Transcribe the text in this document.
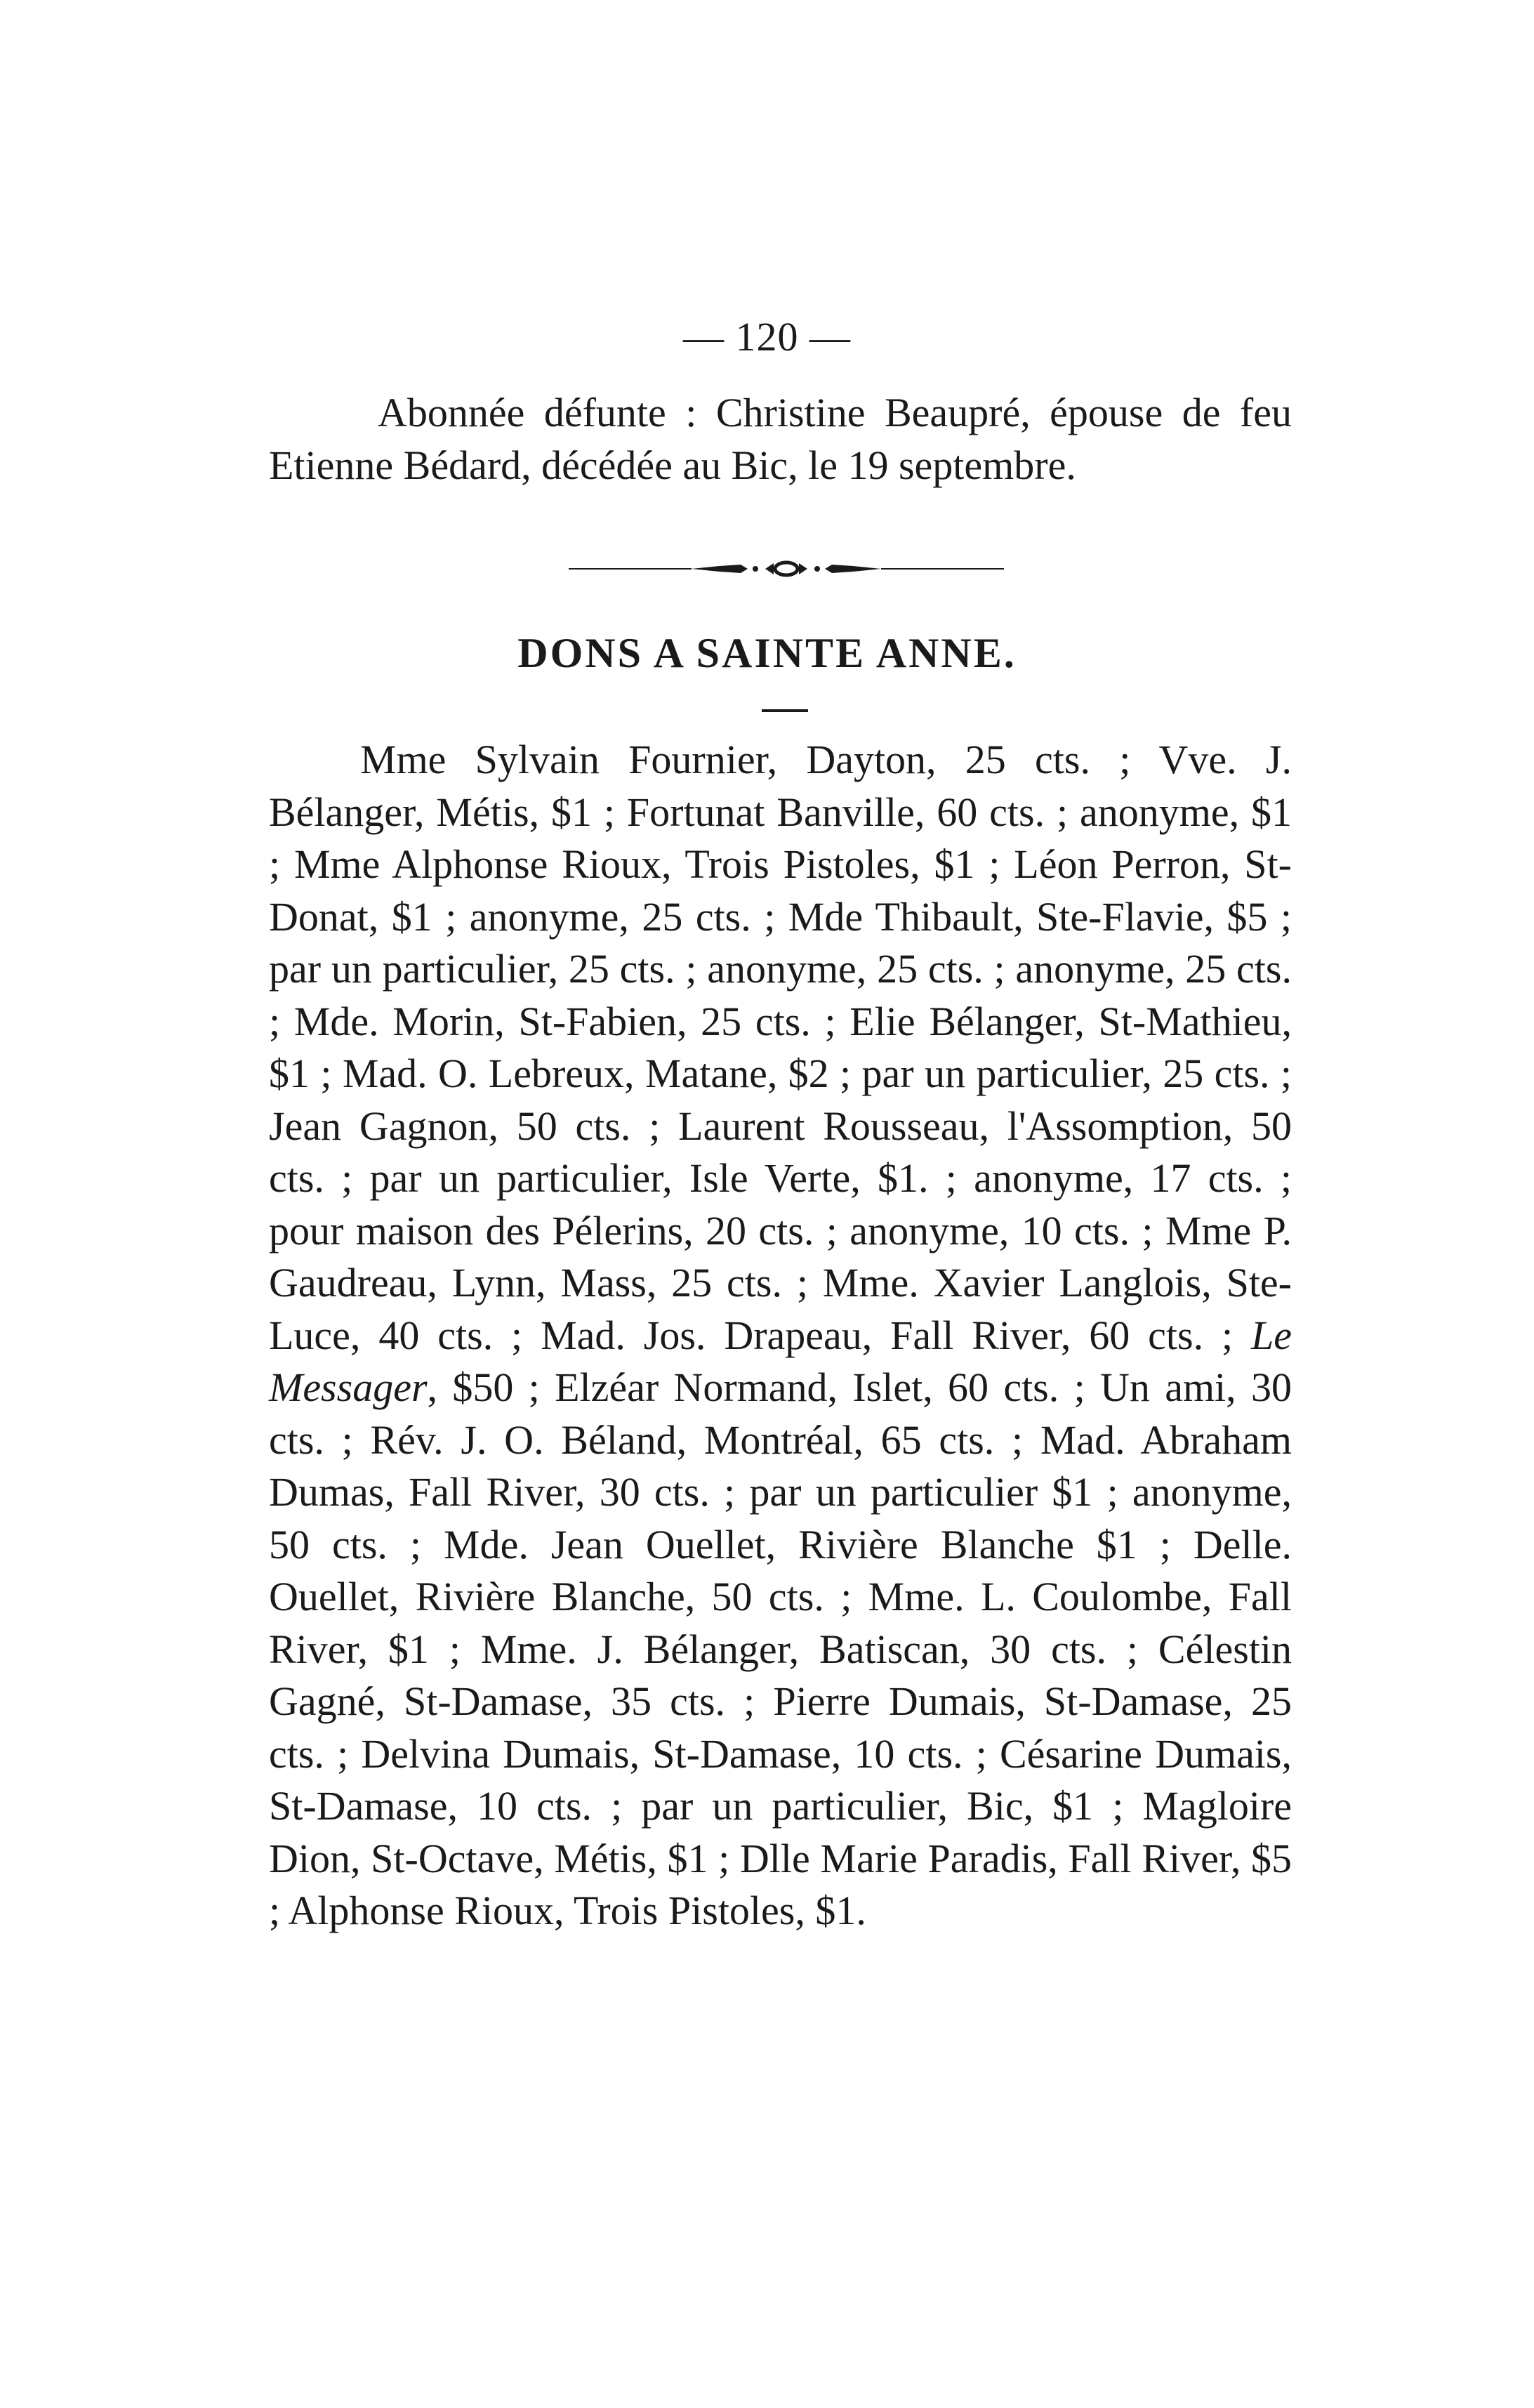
— 120 —

Abonnée défunte : Christine Beaupré, épouse de feu Etienne Bédard, décédée au Bic, le 19 septembre.

DONS A SAINTE ANNE.

Mme Sylvain Fournier, Dayton, 25 cts. ; Vve. J. Bélanger, Métis, $1 ; Fortunat Banville, 60 cts. ; anonyme, $1 ; Mme Alphonse Rioux, Trois Pistoles, $1 ; Léon Perron, St-Donat, $1 ; anonyme, 25 cts. ; Mde Thibault, Ste-Flavie, $5 ; par un particulier, 25 cts. ; anonyme, 25 cts. ; anonyme, 25 cts. ; Mde. Morin, St-Fabien, 25 cts. ; Elie Bélanger, St-Mathieu, $1 ; Mad. O. Lebreux, Matane, $2 ; par un particulier, 25 cts. ; Jean Gagnon, 50 cts. ; Laurent Rousseau, l'Assomption, 50 cts. ; par un particulier, Isle Verte, $1. ; anonyme, 17 cts. ; pour maison des Pélerins, 20 cts. ; anonyme, 10 cts. ; Mme P. Gaudreau, Lynn, Mass, 25 cts. ; Mme. Xavier Langlois, Ste-Luce, 40 cts. ; Mad. Jos. Drapeau, Fall River, 60 cts. ; Le Messager, $50 ; Elzéar Normand, Islet, 60 cts. ; Un ami, 30 cts. ; Rév. J. O. Béland, Montréal, 65 cts. ; Mad. Abraham Dumas, Fall River, 30 cts. ; par un particulier $1 ; anonyme, 50 cts. ; Mde. Jean Ouellet, Rivière Blanche $1 ; Delle. Ouellet, Rivière Blanche, 50 cts. ; Mme. L. Coulombe, Fall River, $1 ; Mme. J. Bélanger, Batiscan, 30 cts. ; Célestin Gagné, St-Damase, 35 cts. ; Pierre Dumais, St-Damase, 25 cts. ; Delvina Dumais, St-Damase, 10 cts. ; Césarine Dumais, St-Damase, 10 cts. ; par un particulier, Bic, $1 ; Magloire Dion, St-Octave, Métis, $1 ; Dlle Marie Paradis, Fall River, $5 ; Alphonse Rioux, Trois Pistoles, $1.
